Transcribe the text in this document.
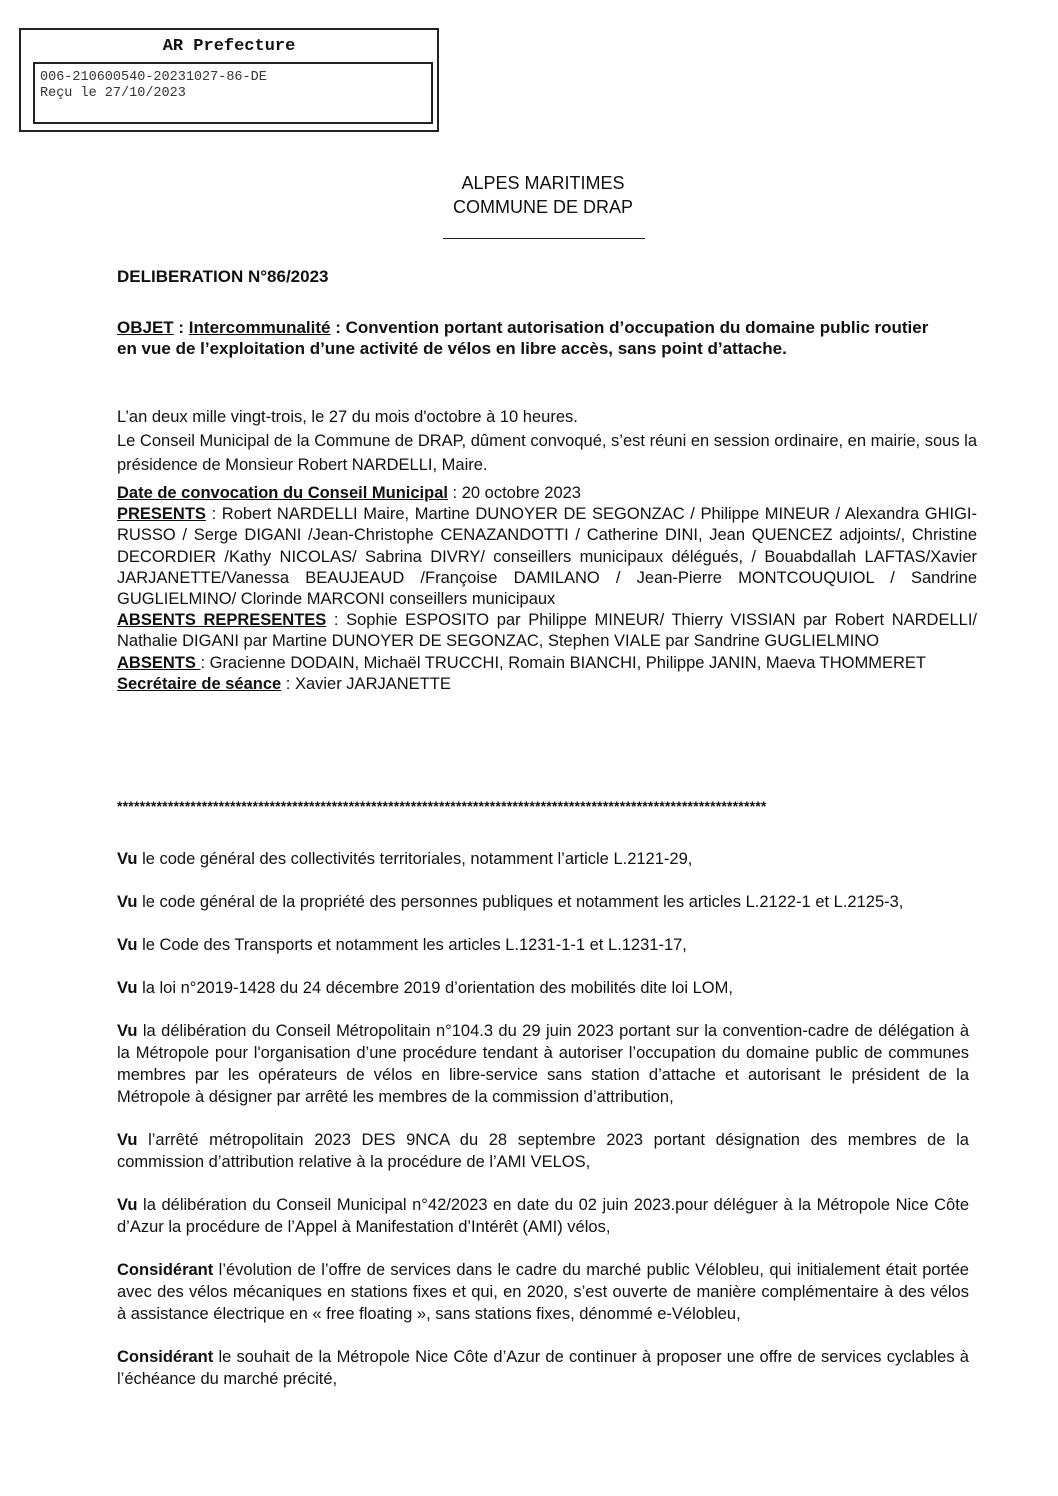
AR Prefecture
006-210600540-20231027-86-DE
Reçu le 27/10/2023
ALPES MARITIMES
COMMUNE DE DRAP
DELIBERATION N°86/2023
OBJET : Intercommunalité : Convention portant autorisation d’occupation du domaine public routier en vue de l’exploitation d’une activité de vélos en libre accès, sans point d’attache.

L’an deux mille vingt-trois, le 27 du mois d'octobre à 10 heures.

Le Conseil Municipal de la Commune de DRAP, dûment convoqué, s’est réuni en session ordinaire, en mairie, sous la présidence de Monsieur Robert NARDELLI, Maire.

Date de convocation du Conseil Municipal : 20 octobre 2023

PRESENTS : Robert NARDELLI Maire, Martine DUNOYER DE SEGONZAC / Philippe MINEUR / Alexandra GHIGI-RUSSO / Serge DIGANI /Jean-Christophe CENAZANDOTTI / Catherine DINI, Jean QUENCEZ adjoints/, Christine DECORDIER /Kathy NICOLAS/ Sabrina DIVRY/ conseillers municipaux délégués, / Bouabdallah LAFTAS/Xavier JARJANETTE/Vanessa BEAUJEAUD /Françoise DAMILANO / Jean-Pierre MONTCOUQUIOL / Sandrine GUGLIELMINO/ Clorinde MARCONI conseillers municipaux

ABSENTS REPRESENTES : Sophie ESPOSITO par Philippe MINEUR/ Thierry VISSIAN par Robert NARDELLI/ Nathalie DIGANI par Martine DUNOYER DE SEGONZAC, Stephen VIALE par Sandrine GUGLIELMINO

ABSENTS : Gracienne DODAIN, Michaël TRUCCHI, Romain BIANCHI, Philippe JANIN, Maeva THOMMERET

Secrétaire de séance : Xavier JARJANETTE

*******************************************************************************************************************

Vu le code général des collectivités territoriales, notamment l’article L.2121-29,

Vu le code général de la propriété des personnes publiques et notamment les articles L.2122-1 et L.2125-3,

Vu le Code des Transports et notamment les articles L.1231-1-1 et L.1231-17,

Vu la loi n°2019-1428 du 24 décembre 2019 d’orientation des mobilités dite loi LOM,

Vu la délibération du Conseil Métropolitain n°104.3 du 29 juin 2023 portant sur la convention-cadre de délégation à la Métropole pour l'organisation d’une procédure tendant à autoriser l’occupation du domaine public de communes membres par les opérateurs de vélos en libre-service sans station d’attache et autorisant le président de la Métropole à désigner par arrêté les membres de la commission d’attribution,

Vu l’arrêté métropolitain 2023 DES 9NCA du 28 septembre 2023 portant désignation des membres de la commission d’attribution relative à la procédure de l’AMI VELOS,

Vu la délibération du Conseil Municipal n°42/2023 en date du 02 juin 2023.pour déléguer à la Métropole Nice Côte d’Azur la procédure de l’Appel à Manifestation d’Intérêt (AMI) vélos,

Considérant l’évolution de l’offre de services dans le cadre du marché public Vélobleu, qui initialement était portée avec des vélos mécaniques en stations fixes et qui, en 2020, s’est ouverte de manière complémentaire à des vélos à assistance électrique en « free floating », sans stations fixes, dénommé e-Vélobleu,

Considérant le souhait de la Métropole Nice Côte d’Azur de continuer à proposer une offre de services cyclables à l’échéance du marché précité,
